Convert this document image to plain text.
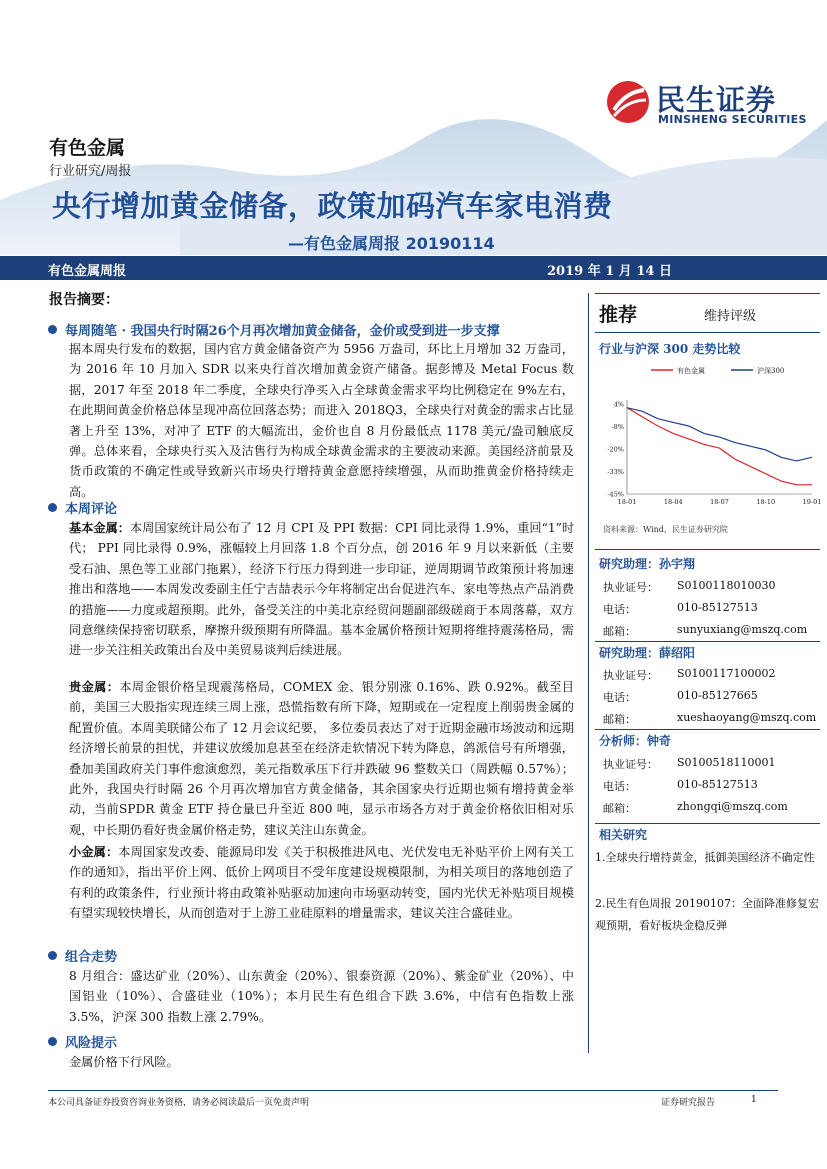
民生证券
MINSHENG SECURITIES
有色金属
行业研究/周报
央行增加黄金储备，政策加码汽车家电消费
—有色金属周报 20190114
有色金属周报	2019 年 1 月 14 日
报告摘要：
每周随笔 · 我国央行时隔26个月再次增加黄金储备，金价或受到进一步支撑
据本周央行发布的数据，国内官方黄金储备资产为 5956 万盎司，环比上月增加 32 万盎司，为 2016 年 10 月加入 SDR 以来央行首次增加黄金资产储备。据彭博及 Metal Focus 数据，2017 年至 2018 年二季度，全球央行净买入占全球黄金需求平均比例稳定在 9%左右，在此期间黄金价格总体呈现冲高位回落态势；而进入 2018Q3，全球央行对黄金的需求占比显著上升至 13%，对冲了 ETF 的大幅流出，金价也自 8 月份最低点 1178 美元/盎司触底反弹。总体来看，全球央行买入及沽售行为构成全球黄金需求的主要波动来源。美国经济前景及货币政策的不确定性或导致新兴市场央行增持黄金意愿持续增强，从而助推黄金价格持续走高。
本周评论
基本金属：本周国家统计局公布了 12 月 CPI 及 PPI 数据：CPI 同比录得 1.9%，重回“1”时代； PPI 同比录得 0.9%，涨幅较上月回落 1.8 个百分点，创 2016 年 9 月以来新低（主要受石油、黑色等工业部门拖累），经济下行压力得到进一步印证，逆周期调节政策预计将加速推出和落地——本周发改委副主任宁吉喆表示今年将制定出台促进汽车、家电等热点产品消费的措施——力度或超预期。此外，备受关注的中美北京经贸问题副部级磋商于本周落幕，双方同意继续保持密切联系，摩擦升级预期有所降温。基本金属价格预计短期将维持震荡格局，需进一步关注相关政策出台及中美贸易谈判后续进展。
贵金属：本周金银价格呈现震荡格局，COMEX 金、银分别涨 0.16%、跌 0.92%。截至目前，美国三大股指实现连续三周上涨，恐慌指数有所下降，短期或在一定程度上削弱贵金属的配置价值。本周美联储公布了 12 月会议纪要， 多位委员表达了对于近期金融市场波动和远期经济增长前景的担忧，并建议放缓加息甚至在经济走软情况下转为降息，鸽派信号有所增强，叠加美国政府关门事件愈演愈烈，美元指数承压下行并跌破 96 整数关口（周跌幅 0.57%）；此外，我国央行时隔 26 个月再次增加官方黄金储备，其余国家央行近期也频有增持黄金举动，当前SPDR 黄金 ETF 持仓量已升至近 800 吨，显示市场各方对于黄金价格依旧相对乐观，中长期仍看好贵金属价格走势，建议关注山东黄金。
小金属：本周国家发改委、能源局印发《关于积极推进风电、光伏发电无补贴平价上网有关工作的通知》，指出平价上网、低价上网项目不受年度建设规模限制，为相关项目的落地创造了有利的政策条件，行业预计将由政策补贴驱动加速向市场驱动转变，国内光伏无补贴项目规模有望实现较快增长，从而创造对于上游工业硅原料的增量需求，建议关注合盛硅业。
组合走势
8 月组合：盛达矿业（20%）、山东黄金（20%）、银泰资源（20%）、紫金矿业（20%）、中国铝业（10%）、合盛硅业（10%）；本月民生有色组合下跌 3.6%，中信有色指数上涨 3.5%，沪深 300 指数上涨 2.79%。
风险提示
金属价格下行风险。
推荐	维持评级
行业与沪深 300 走势比较
有色金属	沪深300
4%
-8%
-20%
-33%
-45%
18-01	18-04	18-07	18-10	19-01
资料来源：Wind，民生证券研究院
研究助理：孙宇翔
执业证号： S0100118010030
电话：	010-85127513
邮箱：	sunyuxiang@mszq.com
研究助理：薛绍阳
执业证号： S0100117100002
电话：	010-85127665
邮箱：	xueshaoyang@mszq.com
分析师：钟奇
执业证号： S0100518110001
电话：	010-85127513
邮箱：	zhongqi@mszq.com
相关研究
1.全球央行增持黄金，抵御美国经济不确定性
2.民生有色周报 20190107：全面降准修复宏观预期，看好板块金稳反弹
本公司具备证券投资咨询业务资格，请务必阅读最后一页免责声明	证券研究报告	1
